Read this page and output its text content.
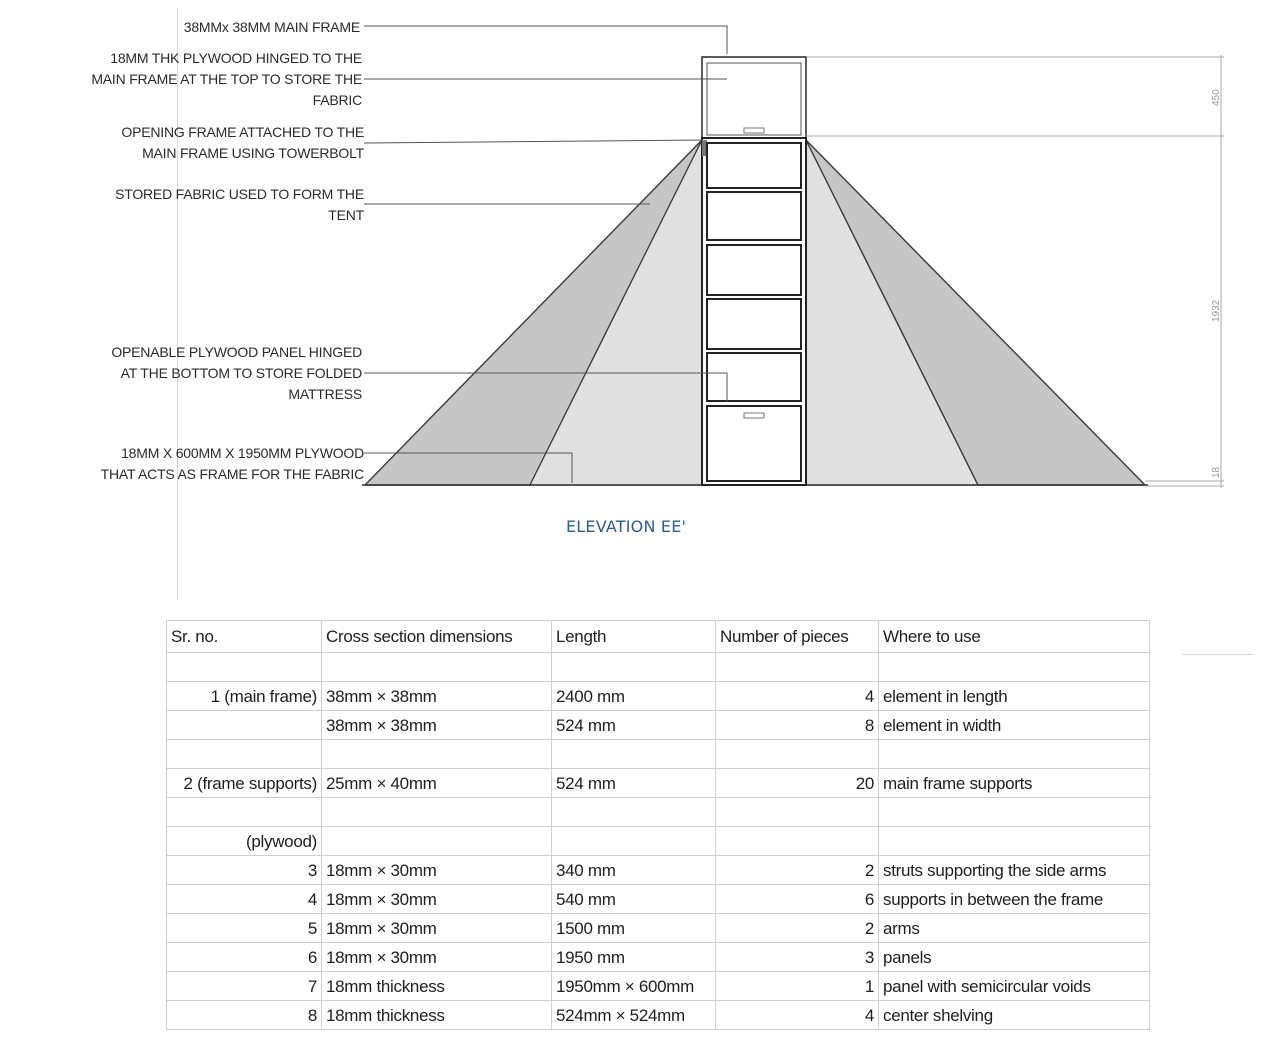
450
1932
18
38MMx 38MM MAIN FRAME
18MM THK PLYWOOD HINGED TO THE
MAIN FRAME AT THE TOP TO STORE THE
FABRIC
OPENING FRAME ATTACHED TO THE
MAIN FRAME USING TOWERBOLT
STORED FABRIC USED TO FORM THE
TENT
OPENABLE PLYWOOD PANEL HINGED
AT THE BOTTOM TO STORE FOLDED
MATTRESS
18MM X 600MM X 1950MM PLYWOOD
THAT ACTS AS FRAME FOR THE FABRIC
ELEVATION EE'
Sr. no.	Cross section dimensions	Length	Number of pieces	Where to use

1 (main frame)	38mm × 38mm	2400 mm	4	element in length
	38mm × 38mm	524 mm	8	element in width

2 (frame supports)	25mm × 40mm	524 mm	20	main frame supports

(plywood)				
3	18mm × 30mm	340 mm	2	struts supporting the side arms
4	18mm × 30mm	540 mm	6	supports in between the frame
5	18mm × 30mm	1500 mm	2	arms
6	18mm × 30mm	1950 mm	3	panels
7	18mm thickness	1950mm × 600mm	1	panel with semicircular voids
8	18mm thickness	524mm × 524mm	4	center shelving
